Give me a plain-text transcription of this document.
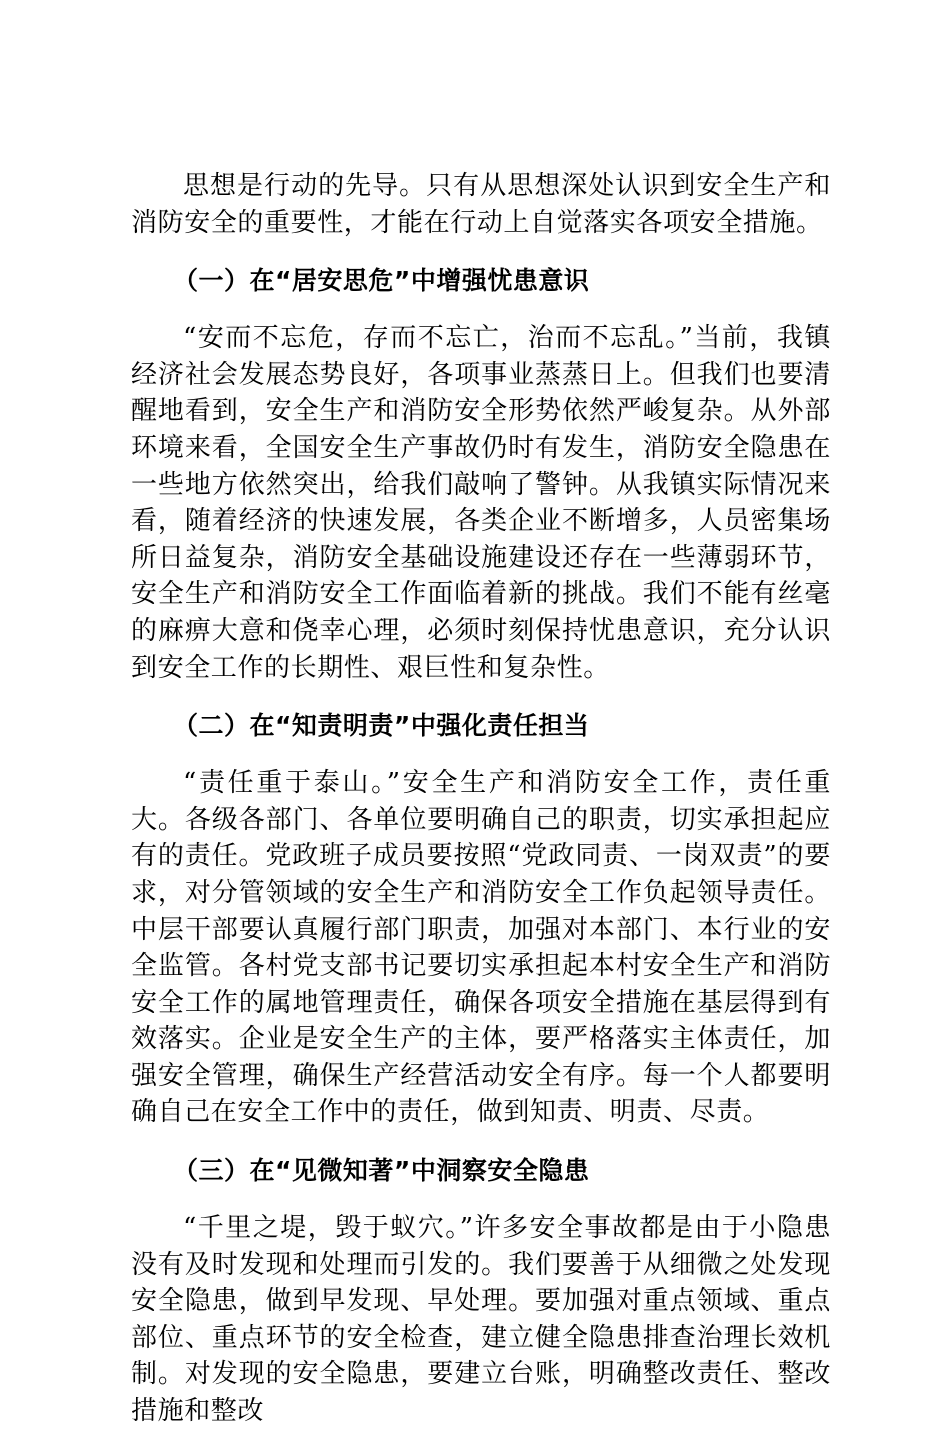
思想是行动的先导。只有从思想深处认识到安全生产和消防安全的重要性，才能在行动上自觉落实各项安全措施。

（一）在“居安思危”中增强忧患意识

“安而不忘危，存而不忘亡，治而不忘乱。”当前，我镇经济社会发展态势良好，各项事业蒸蒸日上。但我们也要清醒地看到，安全生产和消防安全形势依然严峻复杂。从外部环境来看，全国安全生产事故仍时有发生，消防安全隐患在一些地方依然突出，给我们敲响了警钟。从我镇实际情况来看，随着经济的快速发展，各类企业不断增多，人员密集场所日益复杂，消防安全基础设施建设还存在一些薄弱环节，安全生产和消防安全工作面临着新的挑战。我们不能有丝毫的麻痹大意和侥幸心理，必须时刻保持忧患意识，充分认识到安全工作的长期性、艰巨性和复杂性。

（二）在“知责明责”中强化责任担当

“责任重于泰山。”安全生产和消防安全工作，责任重大。各级各部门、各单位要明确自己的职责，切实承担起应有的责任。党政班子成员要按照“党政同责、一岗双责”的要求，对分管领域的安全生产和消防安全工作负起领导责任。中层干部要认真履行部门职责，加强对本部门、本行业的安全监管。各村党支部书记要切实承担起本村安全生产和消防安全工作的属地管理责任，确保各项安全措施在基层得到有效落实。企业是安全生产的主体，要严格落实主体责任，加强安全管理，确保生产经营活动安全有序。每一个人都要明确自己在安全工作中的责任，做到知责、明责、尽责。

（三）在“见微知著”中洞察安全隐患

“千里之堤，毁于蚁穴。”许多安全事故都是由于小隐患没有及时发现和处理而引发的。我们要善于从细微之处发现安全隐患，做到早发现、早处理。要加强对重点领域、重点部位、重点环节的安全检查，建立健全隐患排查治理长效机制。对发现的安全隐患，要建立台账，明确整改责任、整改措施和整改
